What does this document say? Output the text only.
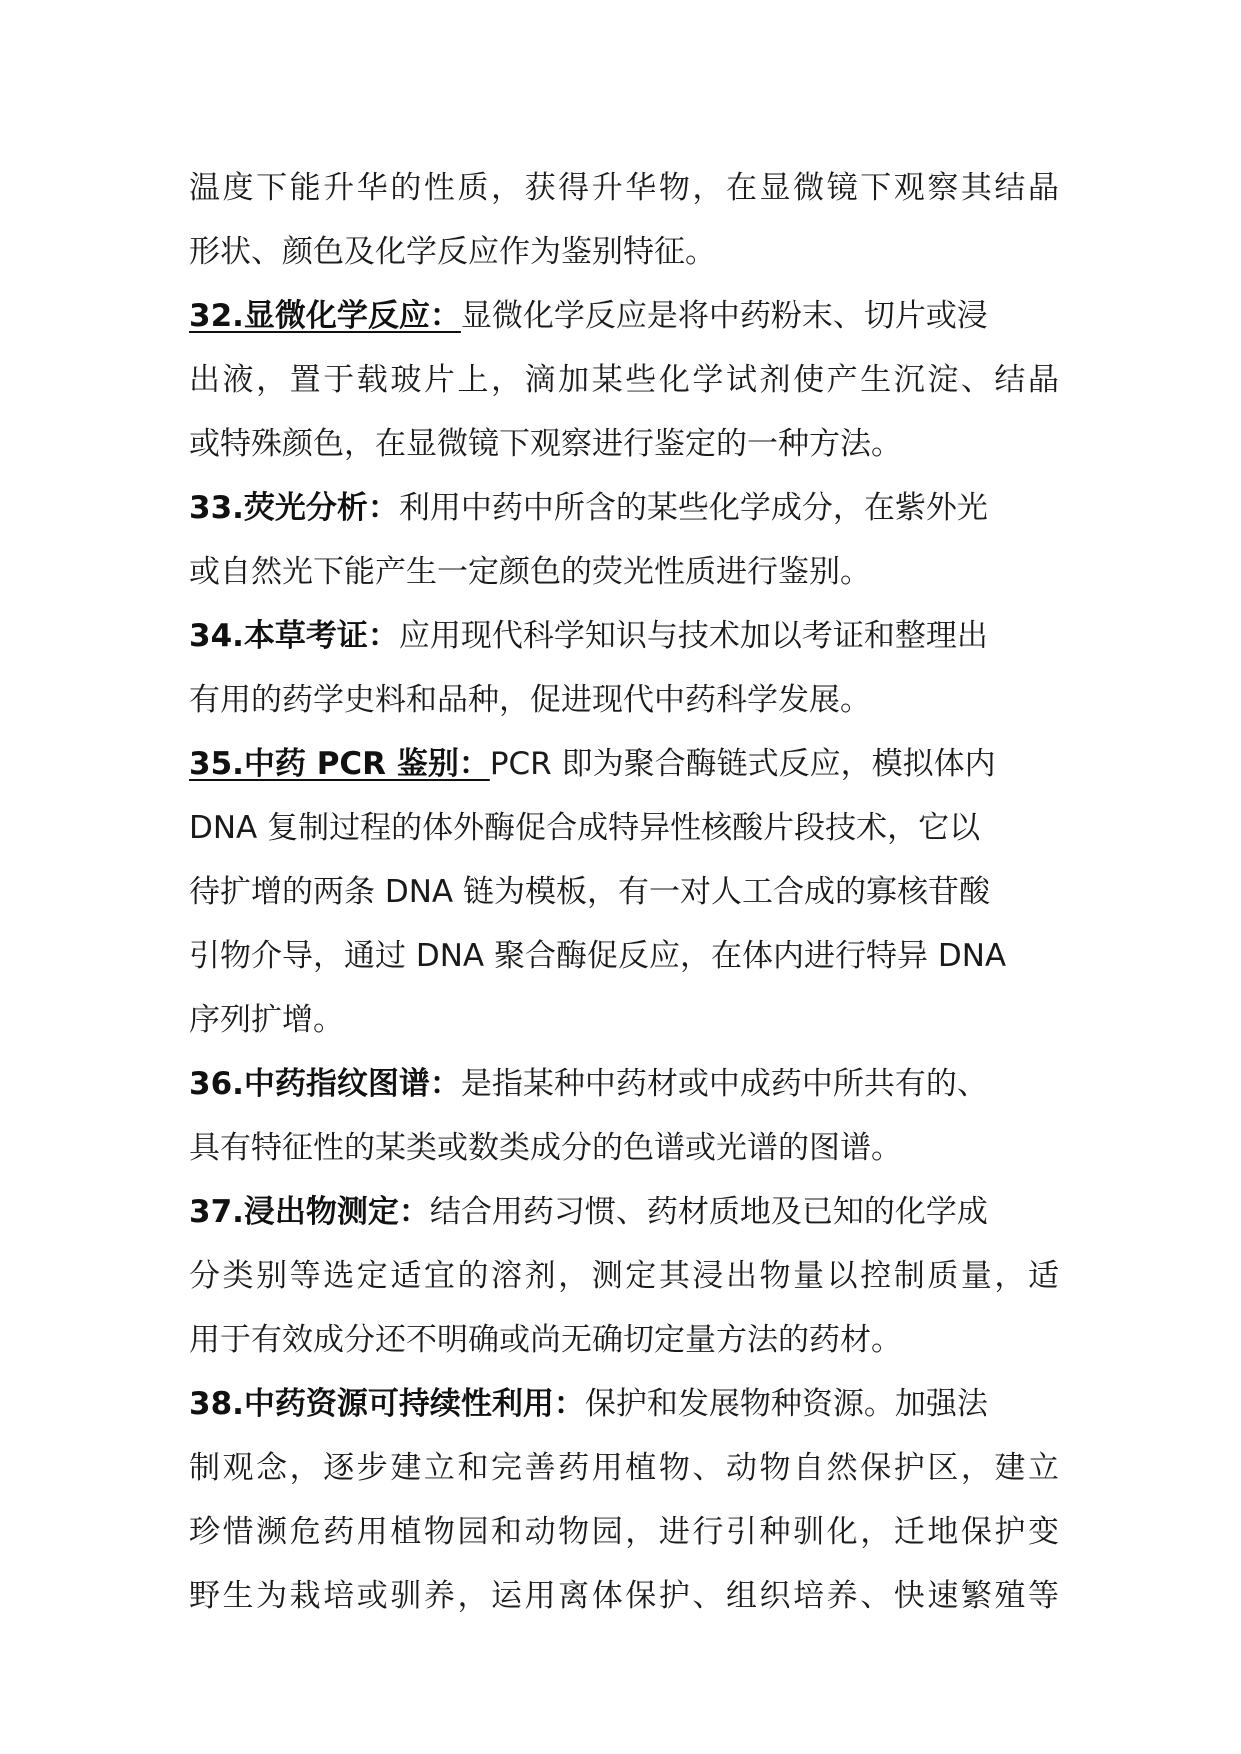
温度下能升华的性质，获得升华物，在显微镜下观察其结晶
形状、颜色及化学反应作为鉴别特征。
32.显微化学反应：显微化学反应是将中药粉末、切片或浸
出液，置于载玻片上，滴加某些化学试剂使产生沉淀、结晶
或特殊颜色，在显微镜下观察进行鉴定的一种方法。
33.荧光分析：利用中药中所含的某些化学成分，在紫外光
或自然光下能产生一定颜色的荧光性质进行鉴别。
34.本草考证：应用现代科学知识与技术加以考证和整理出
有用的药学史料和品种，促进现代中药科学发展。
35.中药 PCR 鉴别：PCR 即为聚合酶链式反应，模拟体内
DNA 复制过程的体外酶促合成特异性核酸片段技术，它以
待扩增的两条 DNA 链为模板，有一对人工合成的寡核苷酸
引物介导，通过 DNA 聚合酶促反应，在体内进行特异 DNA
序列扩增。
36.中药指纹图谱：是指某种中药材或中成药中所共有的、
具有特征性的某类或数类成分的色谱或光谱的图谱。
37.浸出物测定：结合用药习惯、药材质地及已知的化学成
分类别等选定适宜的溶剂，测定其浸出物量以控制质量，适
用于有效成分还不明确或尚无确切定量方法的药材。
38.中药资源可持续性利用：保护和发展物种资源。加强法
制观念，逐步建立和完善药用植物、动物自然保护区，建立
珍惜濒危药用植物园和动物园，进行引种驯化，迁地保护变
野生为栽培或驯养，运用离体保护、组织培养、快速繁殖等
